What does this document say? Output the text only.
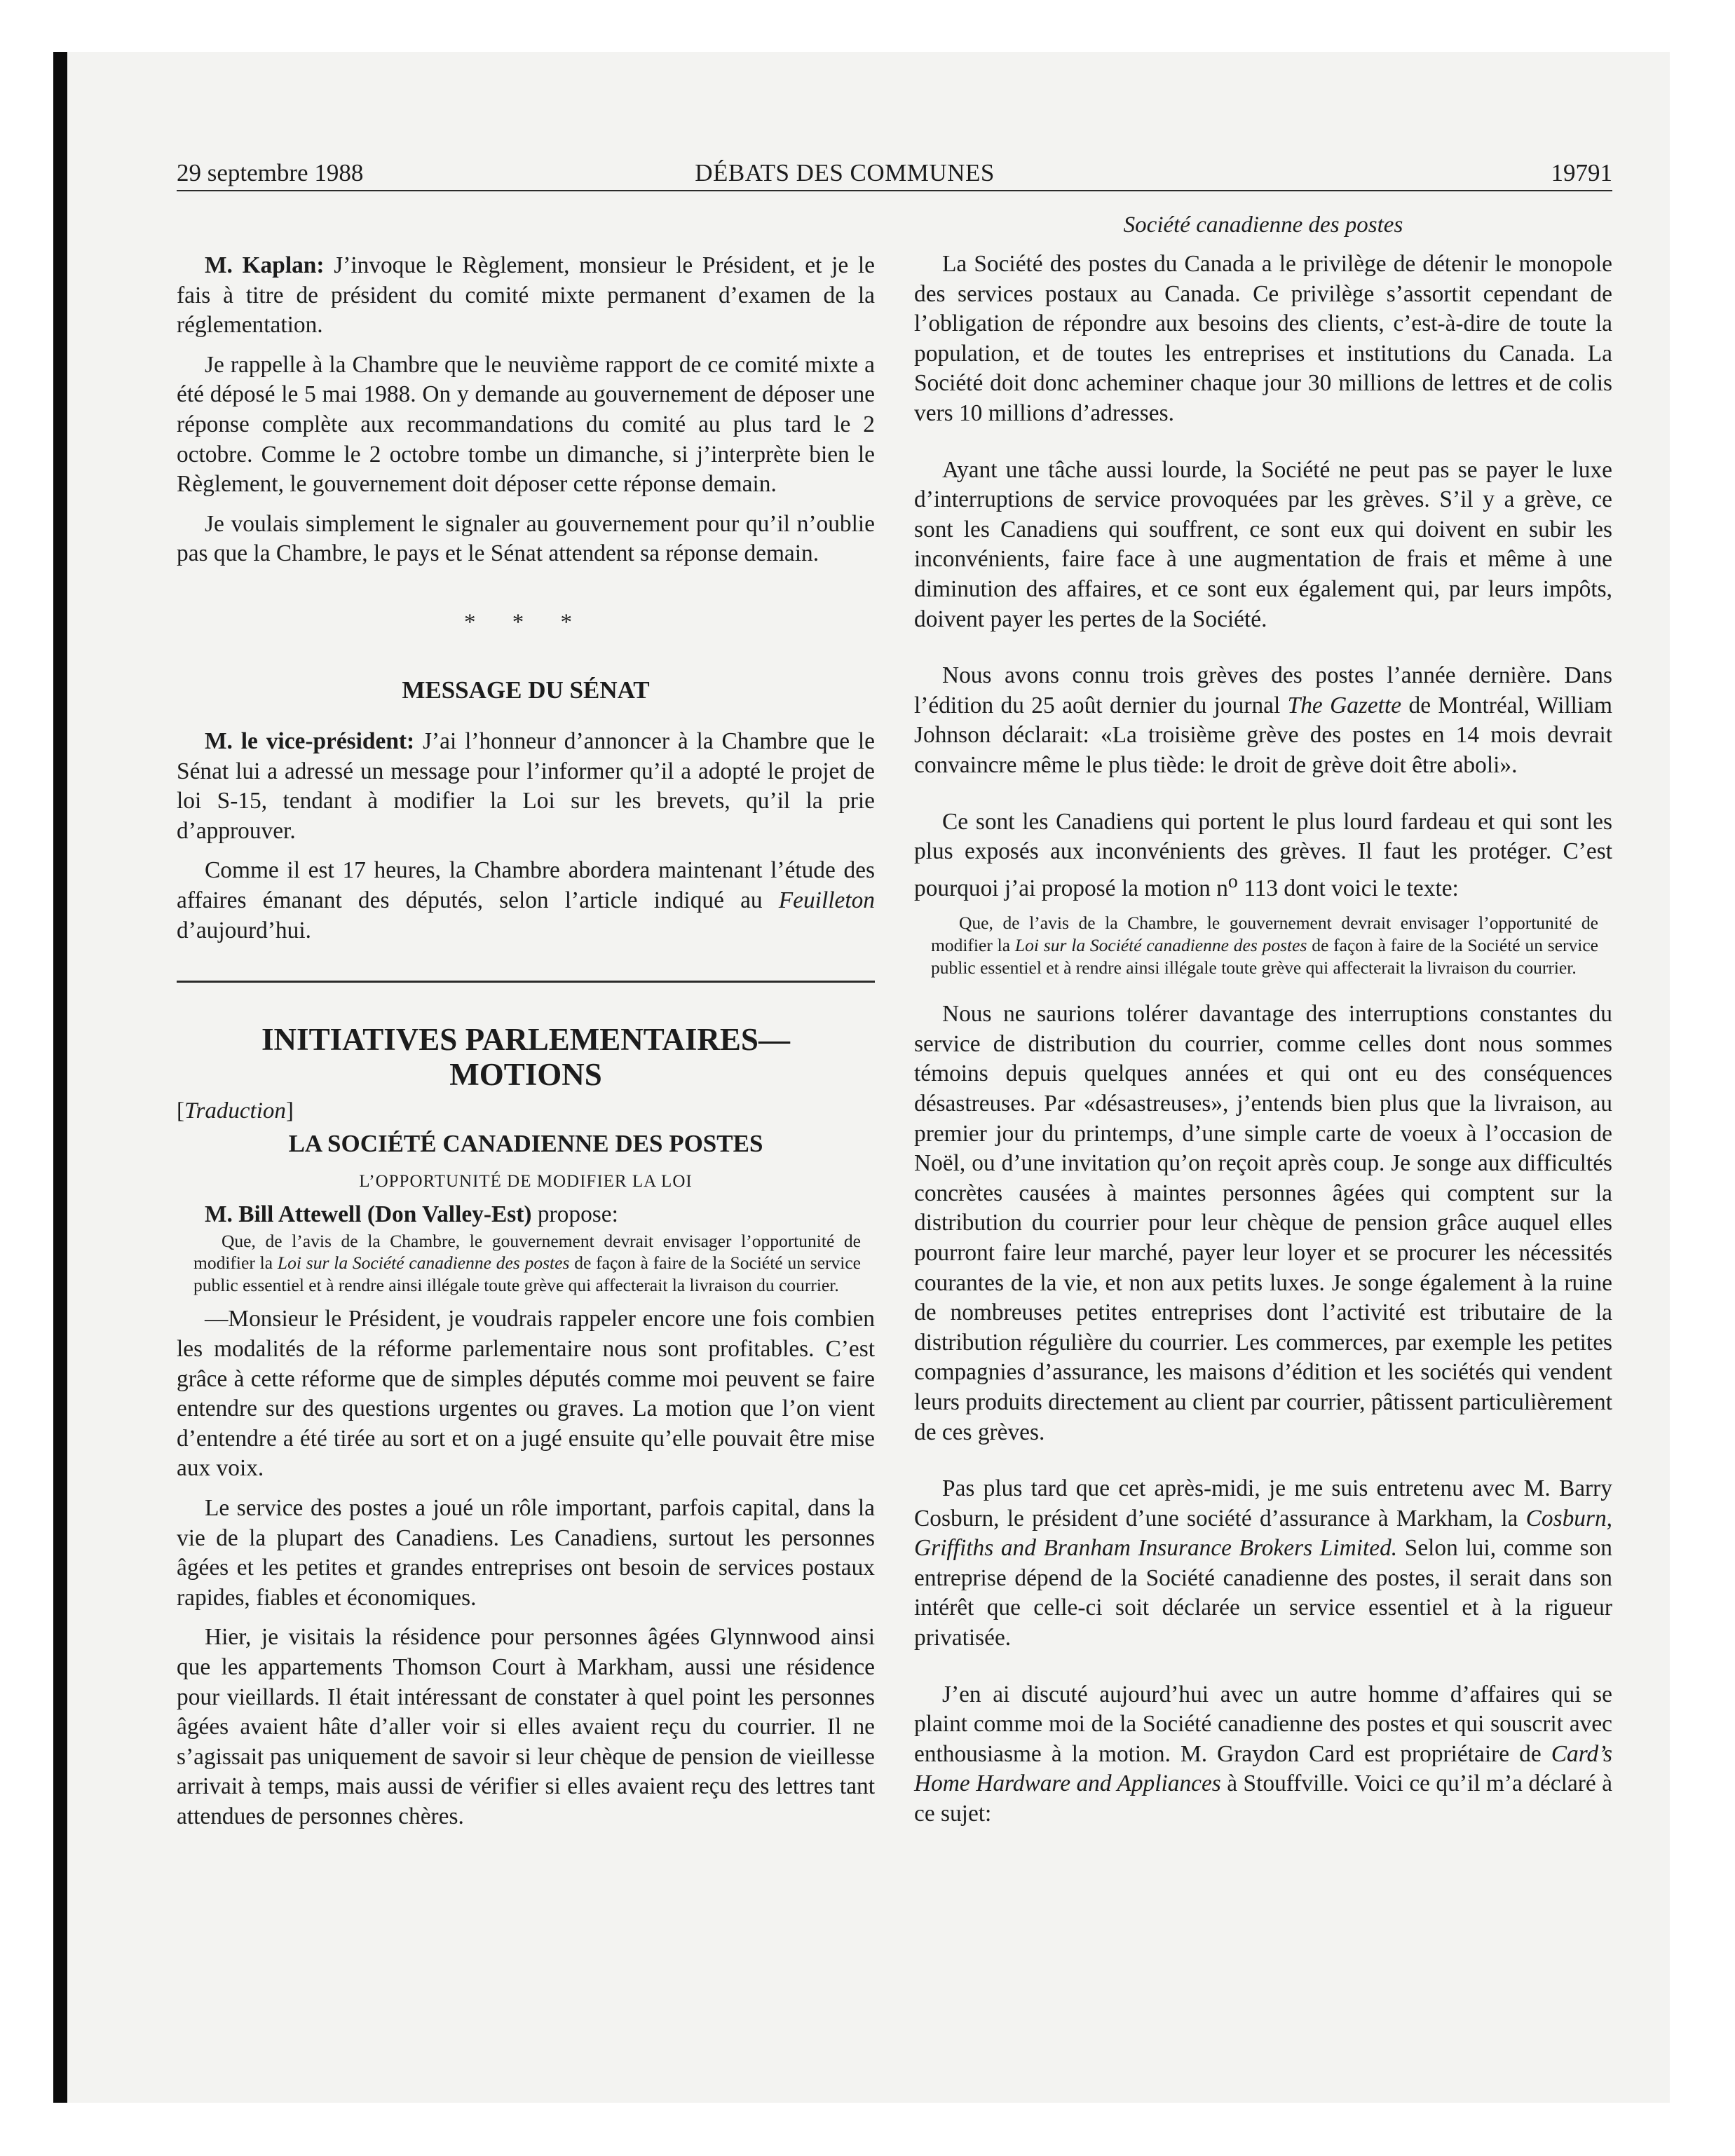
29 septembre 1988	DÉBATS DES COMMUNES	19791

M. Kaplan: J’invoque le Règlement, monsieur le Président, et je le fais à titre de président du comité mixte permanent d’examen de la réglementation.

Je rappelle à la Chambre que le neuvième rapport de ce comité mixte a été déposé le 5 mai 1988. On y demande au gouvernement de déposer une réponse complète aux recommandations du comité au plus tard le 2 octobre. Comme le 2 octobre tombe un dimanche, si j’interprète bien le Règlement, le gouvernement doit déposer cette réponse demain.

Je voulais simplement le signaler au gouvernement pour qu’il n’oublie pas que la Chambre, le pays et le Sénat attendent sa réponse demain.

* * *
MESSAGE DU SÉNAT

M. le vice-président: J’ai l’honneur d’annoncer à la Chambre que le Sénat lui a adressé un message pour l’informer qu’il a adopté le projet de loi S-15, tendant à modifier la Loi sur les brevets, qu’il la prie d’approuver.

Comme il est 17 heures, la Chambre abordera maintenant l’étude des affaires émanant des députés, selon l’article indiqué au Feuilleton d’aujourd’hui.

INITIATIVES PARLEMENTAIRES—

MOTIONS

[Traduction]
LA SOCIÉTÉ CANADIENNE DES POSTES
L’OPPORTUNITÉ DE MODIFIER LA LOI

M. Bill Attewell (Don Valley-Est) propose:

Que, de l’avis de la Chambre, le gouvernement devrait envisager l’opportunité de modifier la Loi sur la Société canadienne des postes de façon à faire de la Société un service public essentiel et à rendre ainsi illégale toute grève qui affecterait la livraison du courrier.

—Monsieur le Président, je voudrais rappeler encore une fois combien les modalités de la réforme parlementaire nous sont profitables. C’est grâce à cette réforme que de simples députés comme moi peuvent se faire entendre sur des questions urgentes ou graves. La motion que l’on vient d’entendre a été tirée au sort et on a jugé ensuite qu’elle pouvait être mise aux voix.

Le service des postes a joué un rôle important, parfois capital, dans la vie de la plupart des Canadiens. Les Canadiens, surtout les personnes âgées et les petites et grandes entreprises ont besoin de services postaux rapides, fiables et économiques.

Hier, je visitais la résidence pour personnes âgées Glynnwood ainsi que les appartements Thomson Court à Markham, aussi une résidence pour vieillards. Il était intéressant de constater à quel point les personnes âgées avaient hâte d’aller voir si elles avaient reçu du courrier. Il ne s’agissait pas uniquement de savoir si leur chèque de pension de vieillesse arrivait à temps, mais aussi de vérifier si elles avaient reçu des lettres tant attendues de personnes chères.

Société canadienne des postes

La Société des postes du Canada a le privilège de détenir le monopole des services postaux au Canada. Ce privilège s’assortit cependant de l’obligation de répondre aux besoins des clients, c’est-à-dire de toute la population, et de toutes les entreprises et institutions du Canada. La Société doit donc acheminer chaque jour 30 millions de lettres et de colis vers 10 millions d’adresses.

Ayant une tâche aussi lourde, la Société ne peut pas se payer le luxe d’interruptions de service provoquées par les grèves. S’il y a grève, ce sont les Canadiens qui souffrent, ce sont eux qui doivent en subir les inconvénients, faire face à une augmentation de frais et même à une diminution des affaires, et ce sont eux également qui, par leurs impôts, doivent payer les pertes de la Société.

Nous avons connu trois grèves des postes l’année dernière. Dans l’édition du 25 août dernier du journal The Gazette de Montréal, William Johnson déclarait: «La troisième grève des postes en 14 mois devrait convaincre même le plus tiède: le droit de grève doit être aboli».

Ce sont les Canadiens qui portent le plus lourd fardeau et qui sont les plus exposés aux inconvénients des grèves. Il faut les protéger. C’est pourquoi j’ai proposé la motion $n^o$ 113 dont voici le texte:

Que, de l’avis de la Chambre, le gouvernement devrait envisager l’opportunité de modifier la Loi sur la Société canadienne des postes de façon à faire de la Société un service public essentiel et à rendre ainsi illégale toute grève qui affecterait la livraison du courrier.

Nous ne saurions tolérer davantage des interruptions constantes du service de distribution du courrier, comme celles dont nous sommes témoins depuis quelques années et qui ont eu des conséquences désastreuses. Par «désastreuses», j’entends bien plus que la livraison, au premier jour du printemps, d’une simple carte de voeux à l’occasion de Noël, ou d’une invitation qu’on reçoit après coup. Je songe aux difficultés concrètes causées à maintes personnes âgées qui comptent sur la distribution du courrier pour leur chèque de pension grâce auquel elles pourront faire leur marché, payer leur loyer et se procurer les nécessités courantes de la vie, et non aux petits luxes. Je songe également à la ruine de nombreuses petites entreprises dont l’activité est tributaire de la distribution régulière du courrier. Les commerces, par exemple les petites compagnies d’assurance, les maisons d’édition et les sociétés qui vendent leurs produits directement au client par courrier, pâtissent particulièrement de ces grèves.

Pas plus tard que cet après-midi, je me suis entretenu avec M. Barry Cosburn, le président d’une société d’assurance à Markham, la Cosburn, Griffiths and Branham Insurance Brokers Limited. Selon lui, comme son entreprise dépend de la Société canadienne des postes, il serait dans son intérêt que celle-ci soit déclarée un service essentiel et à la rigueur privatisée.

J’en ai discuté aujourd’hui avec un autre homme d’affaires qui se plaint comme moi de la Société canadienne des postes et qui souscrit avec enthousiasme à la motion. M. Graydon Card est propriétaire de Card’s Home Hardware and Appliances à Stouffville. Voici ce qu’il m’a déclaré à ce sujet:
